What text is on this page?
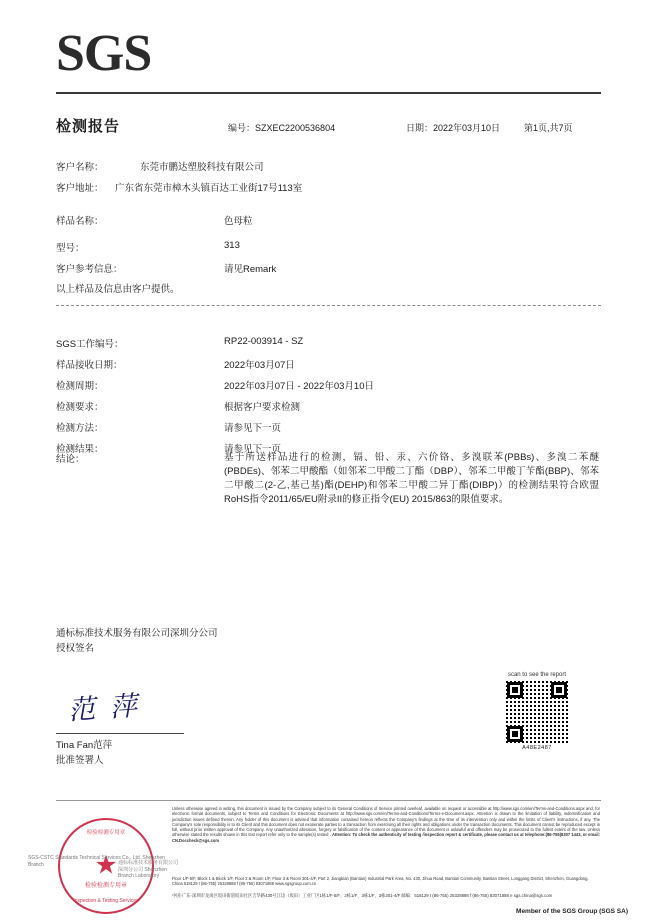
SGS
检测报告	编号：SZXEC2200536804	日期：2022年03月10日	第1页,共7页
客户名称：	东莞市鹏达塑胶科技有限公司
客户地址： 广东省东莞市樟木头镇百达工业街17号113室
样品名称：	色母粒
型号：	313
客户参考信息：	请见Remark
以上样品及信息由客户提供。
SGS工作编号：	RP22-003914 - SZ
样品接收日期：	2022年03月07日
检测周期：	2022年03月07日 - 2022年03月10日
检测要求：	根据客户要求检测
检测方法：	请参见下一页
检测结果：	请参见下一页
结论：	基于所送样品进行的检测，镉、铅、汞、六价铬、多溴联苯(PBBs)、多溴二苯醚(PBDEs)、邻苯二甲酸酯（如邻苯二甲酸二丁酯（DBP）、邻苯二甲酸丁苄酯(BBP)、邻苯二甲酸二(2-乙,基己基)酯(DEHP)和邻苯二甲酸二异丁酯(DIBP)）的检测结果符合欧盟RoHS指令2011/65/EU附录II的修正指令(EU) 2015/863的限值要求。
通标标准技术服务有限公司深圳分公司
授权签名
范 萍
Tina Fan范萍
批准签署人
scan to see the report
A48E2487
Unless otherwise agreed in writing, this document is issued by the Company subject to its General Conditions of Service printed overleaf, available on request or accessible at http://www.sgs.com/en/Terms-and-Conditions.aspx and, for electronic format documents, subject to Terms and Conditions for Electronic Documents at http://www.sgs.com/en/Terms-and-Conditions/Terms-e-Document.aspx. Attention is drawn to the limitation of liability, indemnification and jurisdiction issues defined therein. Any holder of this document is advised that information contained hereon reflects the Company's findings at the time of its intervention only and within the limits of Client's instructions, if any. The Company's sole responsibility is to its Client and this document does not exonerate parties to a transaction from exercising all their rights and obligations under the transaction documents. This document cannot be reproduced except in full, without prior written approval of the Company. Any unauthorized alteration, forgery or falsification of the content or appearance of this document is unlawful and offenders may be prosecuted to the fullest extent of the law. Unless otherwise stated the results shown in this test report refer only to the sample(s) tested . Attention: To check the authenticity of testing /inspection report & certificate, please contact us at telephone:(86-755)8307 1443, or email: CN.Doccheck@sgs.com
Floor 1/F-5/F, Block 1 & Block 1/F, Floor 2 & Room 1/F, Floor 3 & Room 301-4/F, Part 2, Jiangbian (Bantian) Industrial Park Area, No. 430, Jihua Road, Bantian Community, Bantian Street, Longgang District, Shenzhen, Guangdong, China 518129 t (86-755) 25328888 f (86-755) 83071888 www.sgsgroup.com.cn
中国·广东·深圳市龙岗区坂田街道坂田社区吉华路430号江边（坂田）工业厂区1栋1/F-5/F、2栋1/F、3栋1/F、3栋301-4/F 邮编：518129 t (86-755) 25328888 f (86-755) 83071888 e sgs.china@sgs.com
Member of the SGS Group (SGS SA)
检验检测专用章
★
检验检测专用章
Inspection & Testing Services
SGS-CSTC Standards Technical Services Co., Ltd. Shenzhen Branch	通标标准技术服务有限公司深圳分公司 Shenzhen Branch Laboratory
